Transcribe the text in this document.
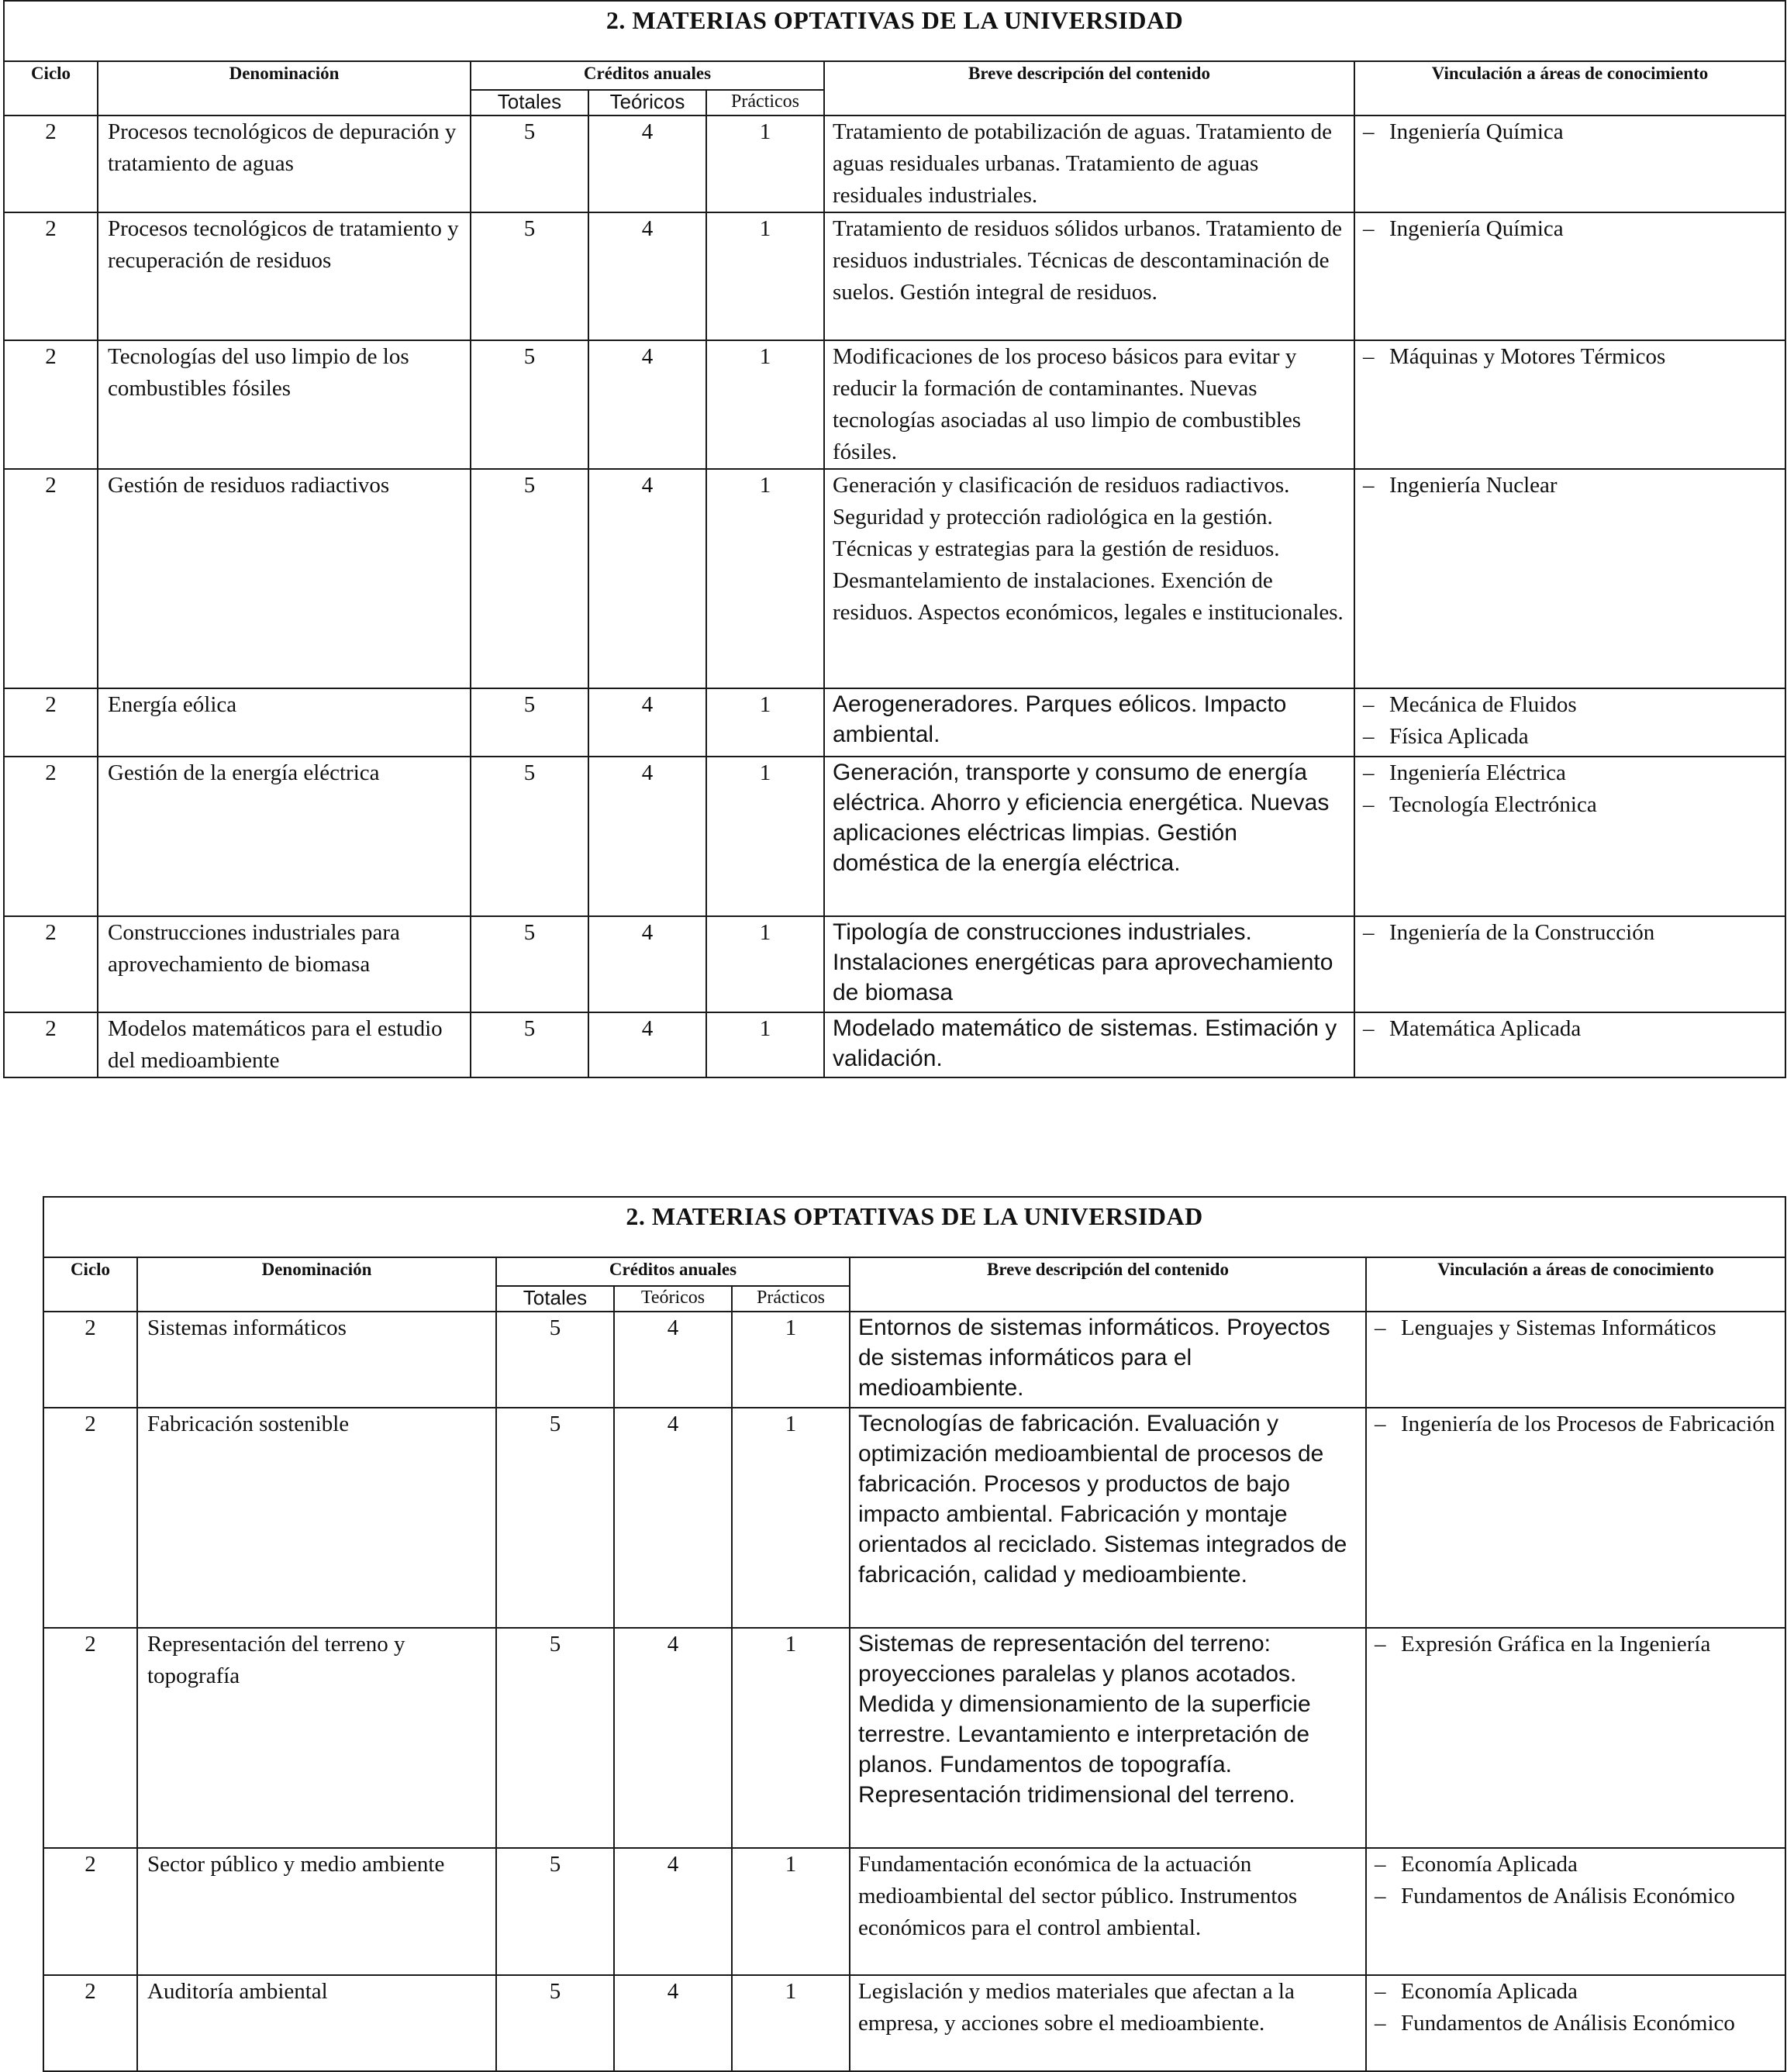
2. MATERIAS OPTATIVAS DE LA UNIVERSIDAD						
Ciclo	Denominación	Créditos anuales			Breve descripción del contenido	Vinculación a áreas de conocimiento
		Totales	Teóricos	Prácticos		
2	Procesos tecnológicos de depuración y tratamiento de aguas	5	4	1	Tratamiento de potabilización de aguas. Tratamiento de aguas residuales urbanas. Tratamiento de aguas residuales industriales.	– Ingeniería Química

2	Procesos tecnológicos de tratamiento y recuperación de residuos	5	4	1	Tratamiento de residuos sólidos urbanos. Tratamiento de residuos industriales. Técnicas de descontaminación de suelos. Gestión integral de residuos.	– Ingeniería Química

2	Tecnologías del uso limpio de los combustibles fósiles	5	4	1	Modificaciones de los proceso básicos para evitar y reducir la formación de contaminantes. Nuevas tecnologías asociadas al uso limpio de combustibles fósiles.	– Máquinas y Motores Térmicos

2	Gestión de residuos radiactivos	5	4	1	Generación y clasificación de residuos radiactivos. Seguridad y protección radiológica en la gestión. Técnicas y estrategias para la gestión de residuos. Desmantelamiento de instalaciones. Exención de residuos. Aspectos económicos, legales e institucionales.	– Ingeniería Nuclear

2	Energía eólica	5	4	1	Aerogeneradores. Parques eólicos. Impacto ambiental.	– Mecánica de Fluidos
– Física Aplicada

2	Gestión de la energía eléctrica	5	4	1	Generación, transporte y consumo de energía eléctrica. Ahorro y eficiencia energética. Nuevas aplicaciones eléctricas limpias. Gestión doméstica de la energía eléctrica.	– Ingeniería Eléctrica
– Tecnología Electrónica

2	Construcciones industriales para aprovechamiento de biomasa	5	4	1	Tipología de construcciones industriales. Instalaciones energéticas para aprovechamiento de biomasa	– Ingeniería de la Construcción

2	Modelos matemáticos para el estudio del medioambiente	5	4	1	Modelado matemático de sistemas. Estimación y validación.	– Matemática Aplicada
2. MATERIAS OPTATIVAS DE LA UNIVERSIDAD						
Ciclo	Denominación	Créditos anuales			Breve descripción del contenido	Vinculación a áreas de conocimiento
		Totales	Teóricos	Prácticos		
2	Sistemas informáticos	5	4	1	Entornos de sistemas informáticos. Proyectos de sistemas informáticos para el medioambiente.	– Lenguajes y Sistemas Informáticos

2	Fabricación sostenible	5	4	1	Tecnologías de fabricación. Evaluación y optimización medioambiental de procesos de fabricación. Procesos y productos de bajo impacto ambiental. Fabricación y montaje orientados al reciclado. Sistemas integrados de fabricación, calidad y medioambiente.	– Ingeniería de los Procesos de Fabricación

2	Representación del terreno y topografía	5	4	1	Sistemas de representación del terreno: proyecciones paralelas y planos acotados. Medida y dimensionamiento de la superficie terrestre. Levantamiento e interpretación de planos. Fundamentos de topografía. Representación tridimensional del terreno.	– Expresión Gráfica en la Ingeniería

2	Sector público y medio ambiente	5	4	1	Fundamentación económica de la actuación medioambiental del sector público. Instrumentos económicos para el control ambiental.	– Economía Aplicada
– Fundamentos de Análisis Económico

2	Auditoría ambiental	5	4	1	Legislación y medios materiales que afectan a la empresa, y acciones sobre el medioambiente.	– Economía Aplicada
– Fundamentos de Análisis Económico
